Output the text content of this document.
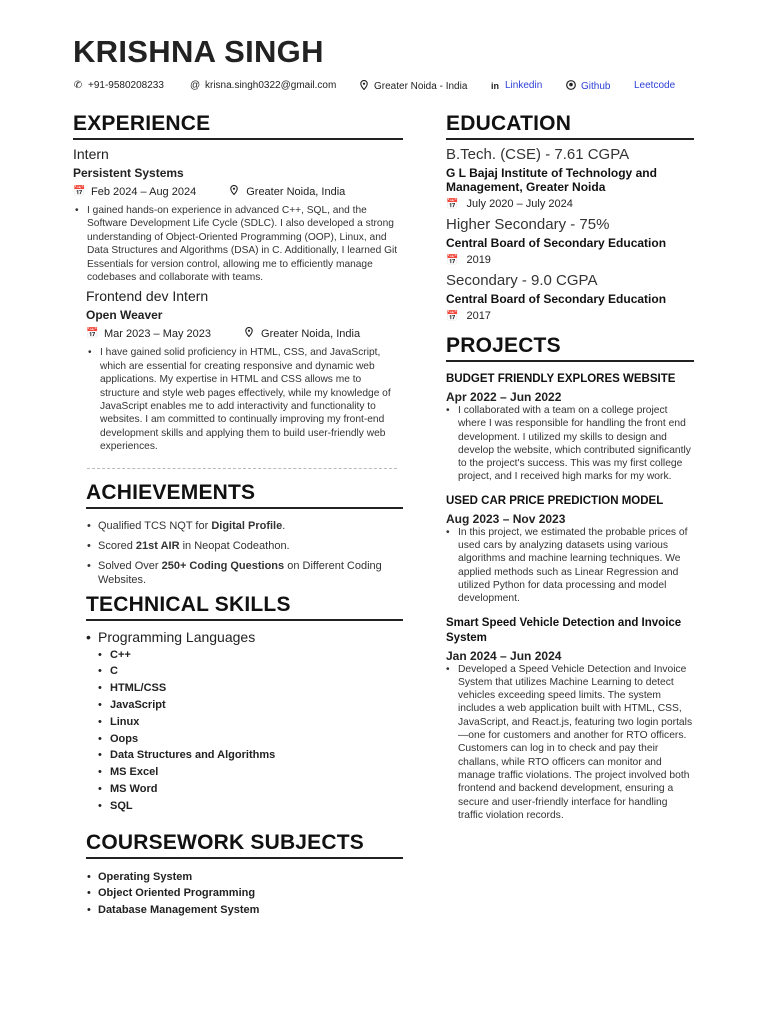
KRISHNA SINGH
✆ +91-9580208233	@ krisna.singh0322@gmail.com	Greater Noida - India	in Linkedin	Github Leetcode
EXPERIENCE
Intern
Persistent Systems
📅 Feb 2024 – Aug 2024	Greater Noida, India
• I gained hands-on experience in advanced C++, SQL, and the Software Development Life Cycle (SDLC). I also developed a strong understanding of Object-Oriented Programming (OOP), Linux, and Data Structures and Algorithms (DSA) in C. Additionally, I learned Git Essentials for version control, allowing me to efficiently manage codebases and collaborate with teams.
Frontend dev Intern
Open Weaver
📅 Mar 2023 – May 2023	Greater Noida, India
• I have gained solid proficiency in HTML, CSS, and JavaScript, which are essential for creating responsive and dynamic web applications. My expertise in HTML and CSS allows me to structure and style web pages effectively, while my knowledge of JavaScript enables me to add interactivity and functionality to websites. I am committed to continually improving my front-end development skills and applying them to build user-friendly web experiences.
ACHIEVEMENTS
• Qualified TCS NQT for Digital Profile.
• Scored 21st AIR in Neopat Codeathon.
• Solved Over 250+ Coding Questions on Different Coding Websites.
TECHNICAL SKILLS
• Programming Languages
• C++
• C
• HTML/CSS
• JavaScript
• Linux
• Oops
• Data Structures and Algorithms
• MS Excel
• MS Word
• SQL
COURSEWORK SUBJECTS
• Operating System
• Object Oriented Programming
• Database Management System
EDUCATION
B.Tech. (CSE) - 7.61 CGPA
G L Bajaj Institute of Technology and Management, Greater Noida
📅 July 2020 – July 2024
Higher Secondary - 75%
Central Board of Secondary Education
📅 2019
Secondary - 9.0 CGPA
Central Board of Secondary Education
📅 2017
PROJECTS
BUDGET FRIENDLY EXPLORES WEBSITE
Apr 2022 – Jun 2022
• I collaborated with a team on a college project where I was responsible for handling the front end development. I utilized my skills to design and develop the website, which contributed significantly to the project's success. This was my first college project, and I received high marks for my work.
USED CAR PRICE PREDICTION MODEL
Aug 2023 – Nov 2023
• In this project, we estimated the probable prices of used cars by analyzing datasets using various algorithms and machine learning techniques. We applied methods such as Linear Regression and utilized Python for data processing and model development.
Smart Speed Vehicle Detection and Invoice System
Jan 2024 – Jun 2024
• Developed a Speed Vehicle Detection and Invoice System that utilizes Machine Learning to detect vehicles exceeding speed limits. The system includes a web application built with HTML, CSS, JavaScript, and React.js, featuring two login portals—one for customers and another for RTO officers. Customers can log in to check and pay their challans, while RTO officers can monitor and manage traffic violations. The project involved both frontend and backend development, ensuring a secure and user-friendly interface for handling traffic violation records.
